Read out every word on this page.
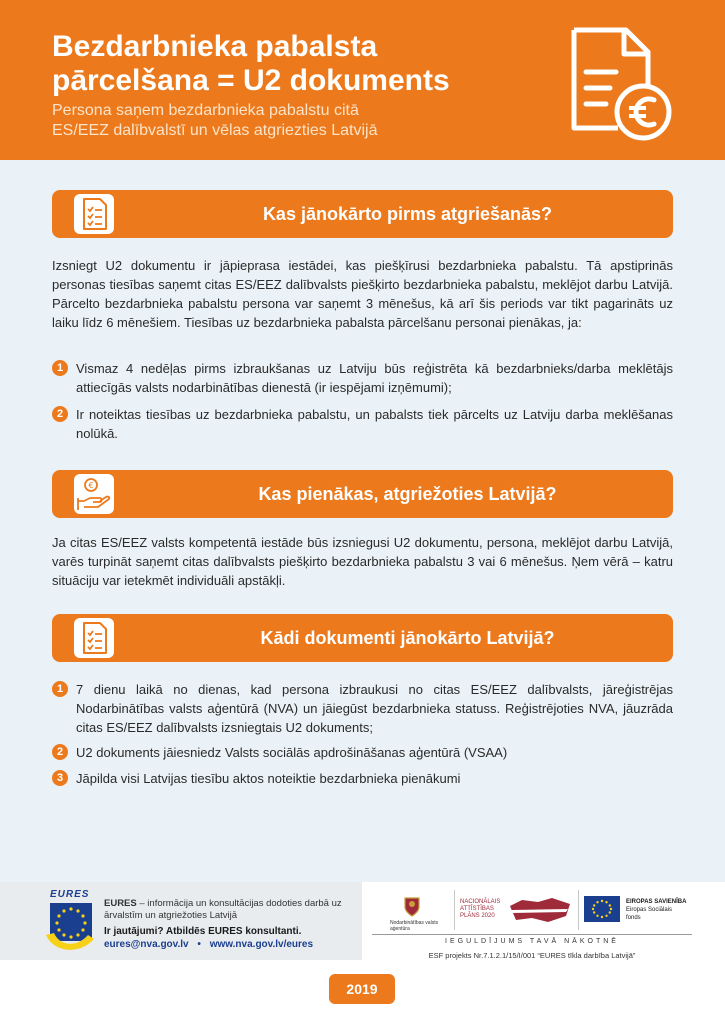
Bezdarbnieka pabalsta
pārcelšana = U2 dokuments
Persona saņem bezdarbnieka pabalstu citā
ES/EEZ dalībvalstī un vēlas atgriezties Latvijā
Kas jānokārto pirms atgriešanās?
Izsniegt U2 dokumentu ir jāpieprasa iestādei, kas piešķīrusi bezdarbnieka pabalstu. Tā apstiprinās personas tiesības saņemt citas ES/EEZ dalībvalsts piešķirto bezdarbnieka pabalstu, meklējot darbu Latvijā. Pārcelto bezdarbnieka pabalstu persona var saņemt 3 mēnešus, kā arī šis periods var tikt pagarināts uz laiku līdz 6 mēnešiem. Tiesības uz bezdarbnieka pabalsta pārcelšanu personai pienākas, ja:
1 Vismaz 4 nedēļas pirms izbraukšanas uz Latviju būs reģistrēta kā bezdarbnieks/darba meklētājs attiecīgās valsts nodarbinātības dienestā (ir iespējami izņēmumi);
2 Ir noteiktas tiesības uz bezdarbnieka pabalstu, un pabalsts tiek pārcelts uz Latviju darba meklēšanas nolūkā.
€	Kas pienākas, atgriežoties Latvijā?
Ja citas ES/EEZ valsts kompetentā iestāde būs izsniegusi U2 dokumentu, persona, meklējot darbu Latvijā, varēs turpināt saņemt citas dalībvalsts piešķirto bezdarbnieka pabalstu 3 vai 6 mēnešus. Ņem vērā – katru situāciju var ietekmēt individuāli apstākļi.
Kādi dokumenti jānokārto Latvijā?
1 7 dienu laikā no dienas, kad persona izbraukusi no citas ES/EEZ dalībvalsts, jāreģistrējas Nodarbinātības valsts aģentūrā (NVA) un jāiegūst bezdarbnieka statuss. Reģistrējoties NVA, jāuzrāda citas ES/EEZ dalībvalsts izsniegtais U2 dokuments;
2 U2 dokuments jāiesniedz Valsts sociālās apdrošināšanas aģentūrā (VSAA)
3 Jāpilda visi Latvijas tiesību aktos noteiktie bezdarbnieka pienākumi
EURES
EURES – informācija un konsultācijas dodoties darbā uz ārvalstīm un atgriežoties Latvijā
Ir jautājumi? Atbildēs EURES konsultanti.
eures@nva.gov.lv • www.nva.gov.lv/eures
Nodarbinātības valsts aģentūra
NACIONĀLAIS
ATTĪSTĪBAS
PLĀNS 2020
EIROPAS SAVIENĪBA
Eiropas Sociālais
fonds
IEGULDĪJUMS TAVĀ NĀKOTNĒ
ESF projekts Nr.7.1.2.1/15/I/001 “EURES tīkla darbība Latvijā”
2019
